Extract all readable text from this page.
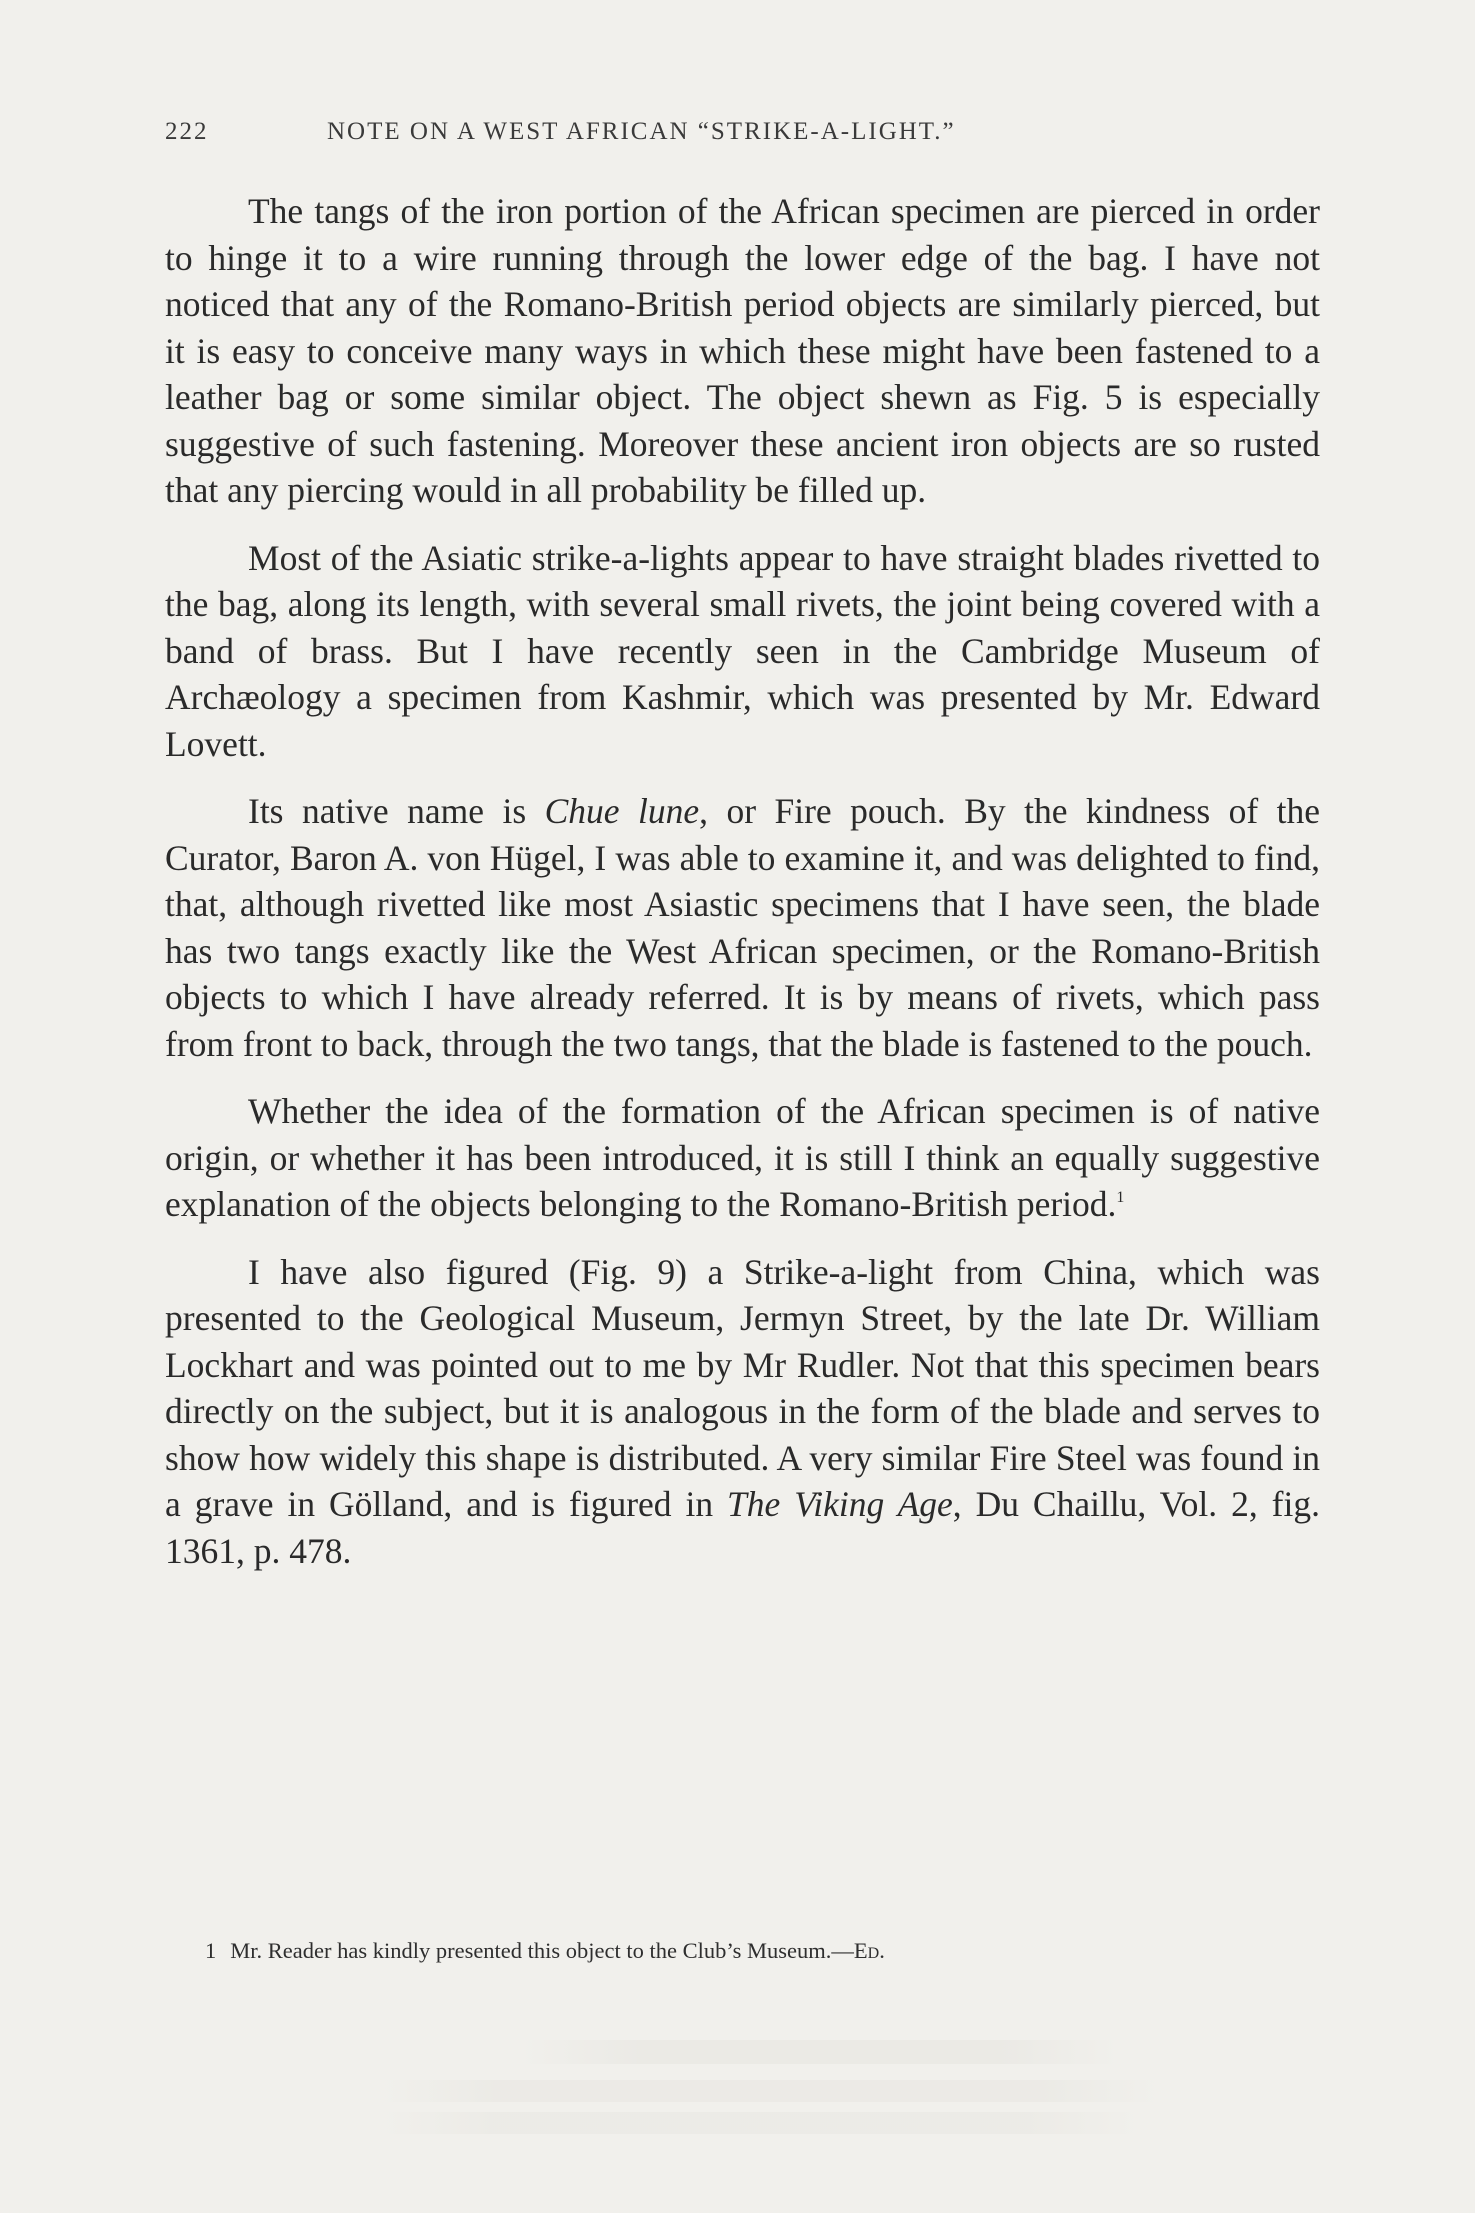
222	NOTE ON A WEST AFRICAN “STRIKE-A-LIGHT.”

The tangs of the iron portion of the African specimen are pierced in order to hinge it to a wire running through the lower edge of the bag. I have not noticed that any of the Romano-British period objects are similarly pierced, but it is easy to conceive many ways in which these might have been fastened to a leather bag or some similar object. The object shewn as Fig. 5 is especially suggestive of such fastening. Moreover these ancient iron objects are so rusted that any piercing would in all probability be filled up.

Most of the Asiatic strike-a-lights appear to have straight blades rivetted to the bag, along its length, with several small rivets, the joint being covered with a band of brass. But I have recently seen in the Cambridge Museum of Archæology a specimen from Kashmir, which was presented by Mr. Edward Lovett.

Its native name is Chue lune, or Fire pouch. By the kindness of the Curator, Baron A. von Hügel, I was able to examine it, and was delighted to find, that, although rivetted like most Asiastic specimens that I have seen, the blade has two tangs exactly like the West African specimen, or the Romano-British objects to which I have already referred. It is by means of rivets, which pass from front to back, through the two tangs, that the blade is fastened to the pouch.

Whether the idea of the formation of the African specimen is of native origin, or whether it has been introduced, it is still I think an equally suggestive explanation of the objects belonging to the Romano-British period.$^1$

I have also figured (Fig. 9) a Strike-a-light from China, which was presented to the Geological Museum, Jermyn Street, by the late Dr. William Lockhart and was pointed out to me by Mr Rudler. Not that this specimen bears directly on the subject, but it is analogous in the form of the blade and serves to show how widely this shape is distributed. A very similar Fire Steel was found in a grave in Gölland, and is figured in The Viking Age, Du Chaillu, Vol. 2, fig. 1361, p. 478.

1 Mr. Reader has kindly presented this object to the Club’s Museum.—Ed.
